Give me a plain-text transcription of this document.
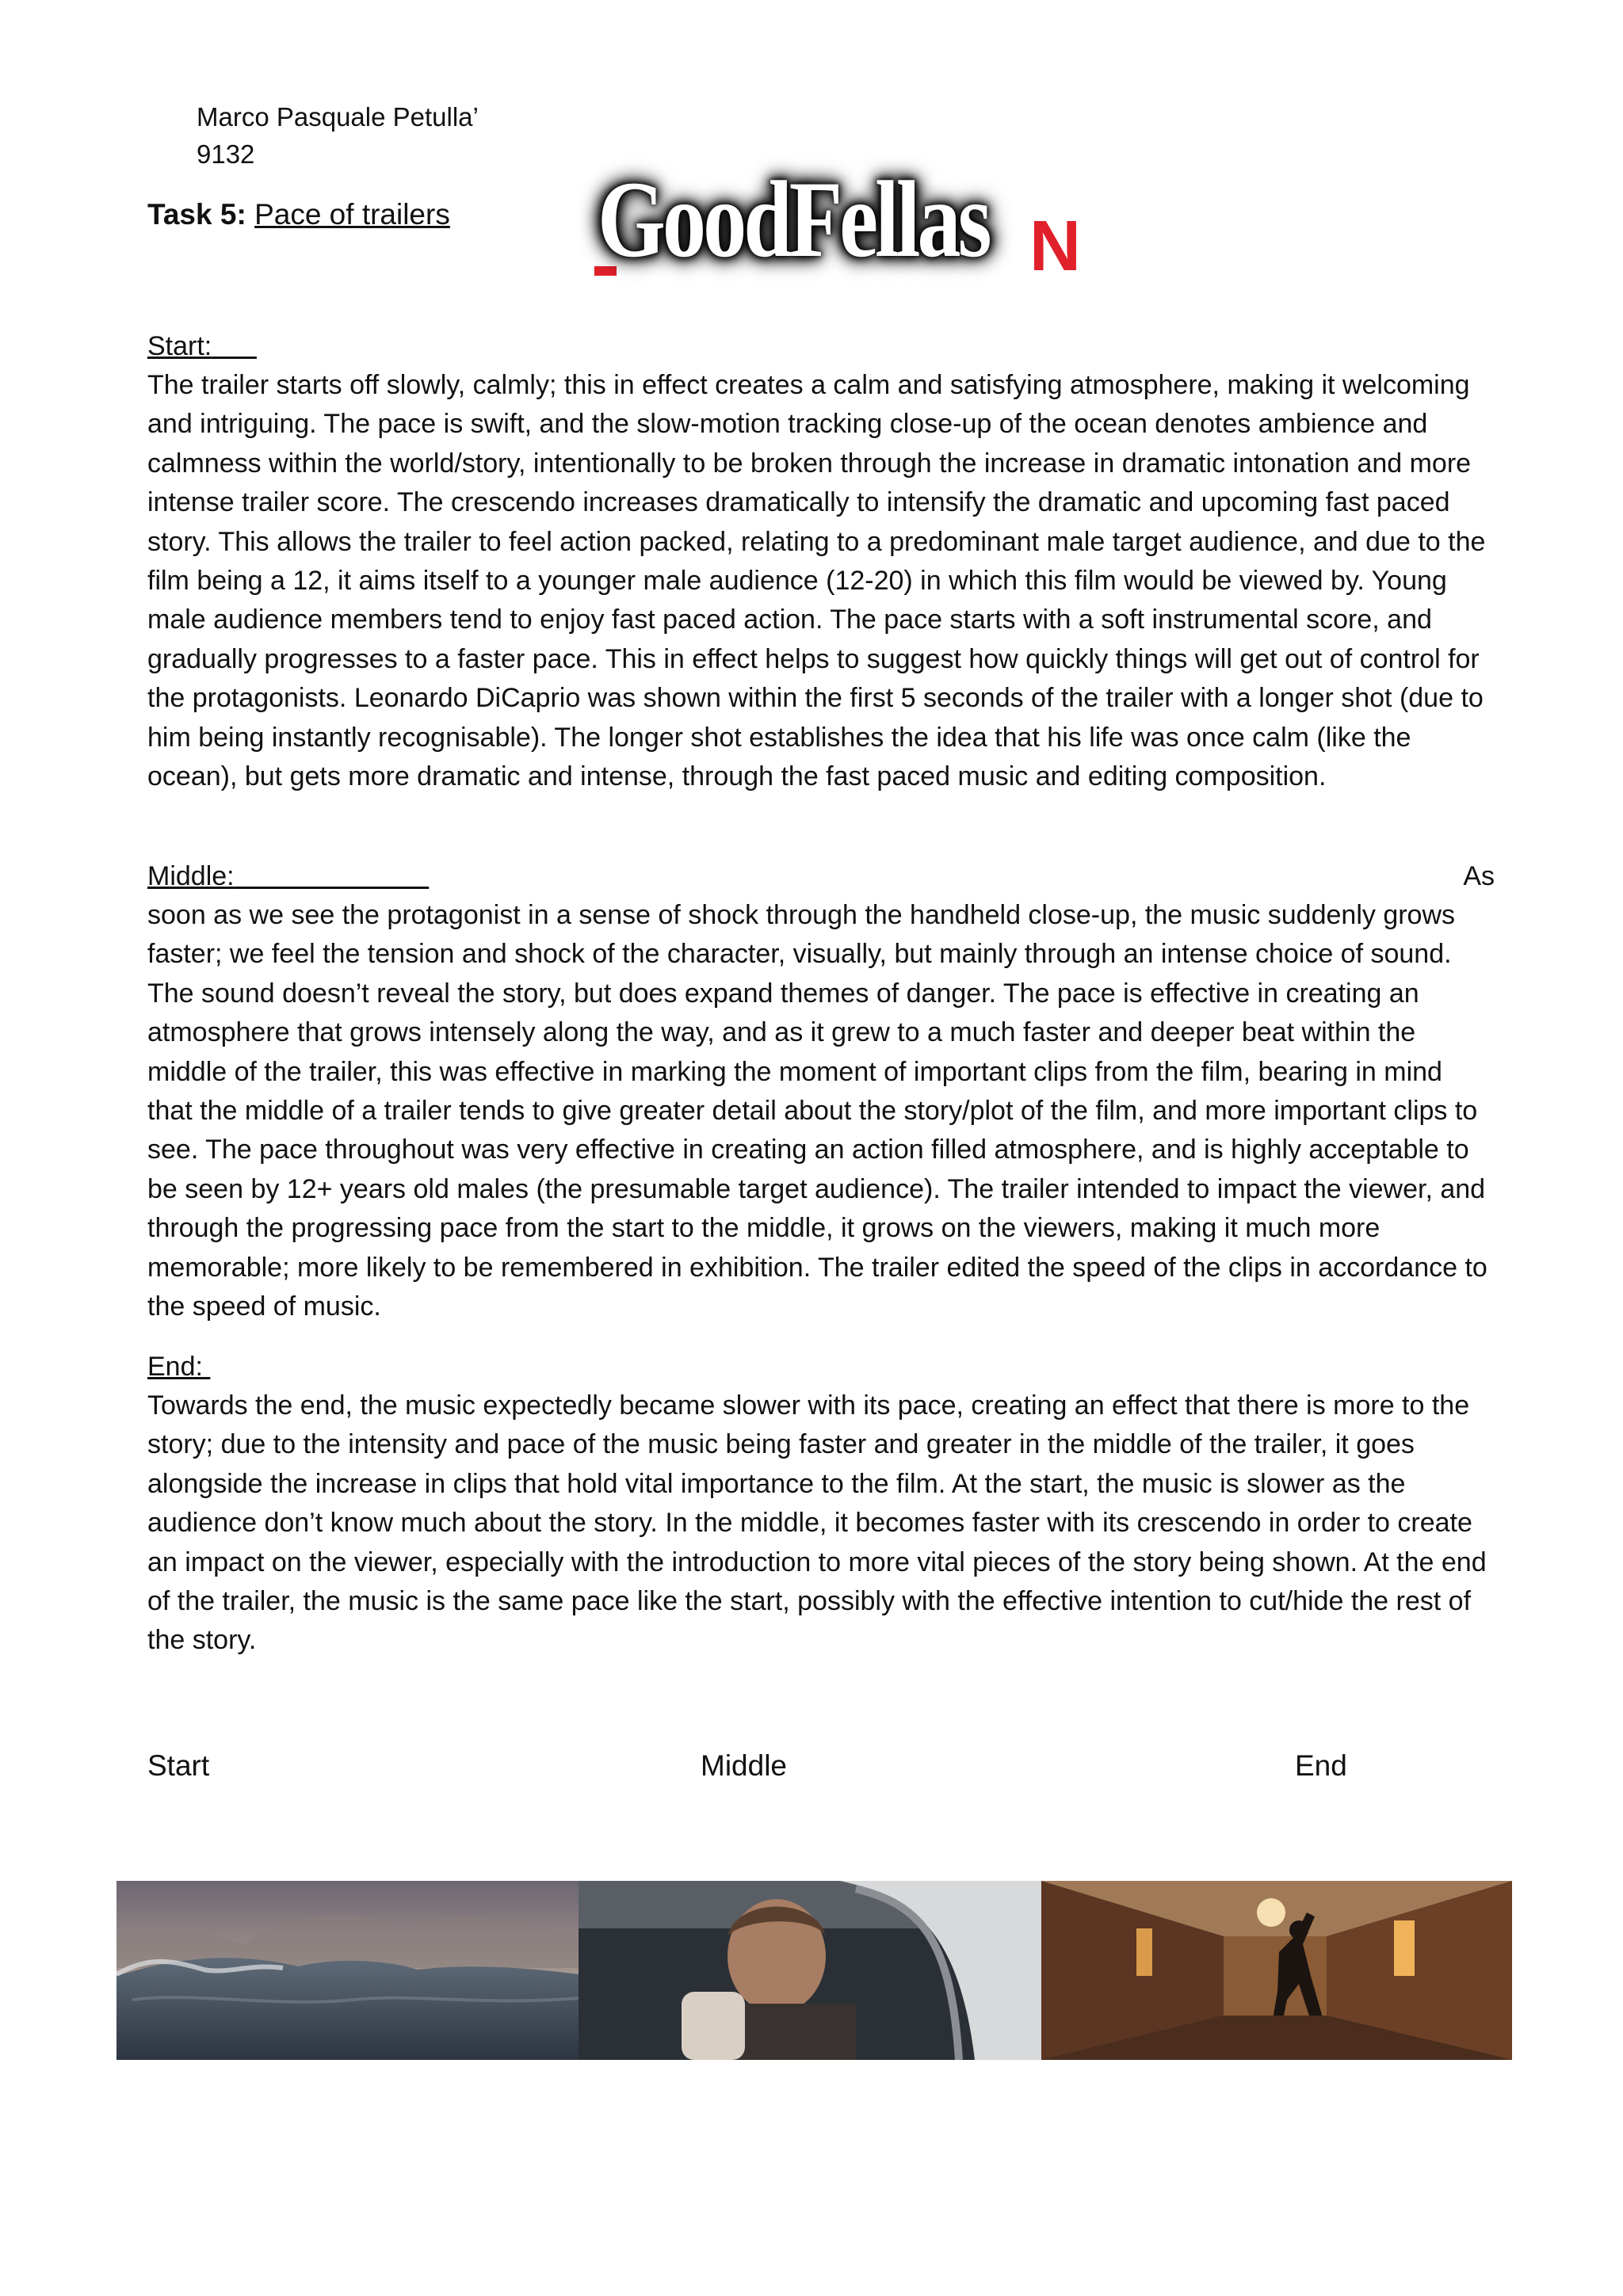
Marco Pasquale Petulla’
9132
Task 5: Pace of trailers GoodFellas N

Start:

The trailer starts off slowly, calmly; this in effect creates a calm and satisfying atmosphere, making it welcoming and intriguing. The pace is swift, and the slow-motion tracking close-up of the ocean denotes ambience and calmness within the world/story, intentionally to be broken through the increase in dramatic intonation and more intense trailer score. The crescendo increases dramatically to intensify the dramatic and upcoming fast paced story. This allows the trailer to feel action packed, relating to a predominant male target audience, and due to the film being a 12, it aims itself to a younger male audience (12-20) in which this film would be viewed by. Young male audience members tend to enjoy fast paced action. The pace starts with a soft instrumental score, and gradually progresses to a faster pace. This in effect helps to suggest how quickly things will get out of control for the protagonists. Leonardo DiCaprio was shown within the first 5 seconds of the trailer with a longer shot (due to him being instantly recognisable). The longer shot establishes the idea that his life was once calm (like the ocean), but gets more dramatic and intense, through the fast paced music and editing composition.

Middle:

soon as we see the protagonist in a sense of shock through the handheld close-up, the music suddenly grows faster; we feel the tension and shock of the character, visually, but mainly through an intense choice of sound. The sound doesn’t reveal the story, but does expand themes of danger. The pace is effective in creating an atmosphere that grows intensely along the way, and as it grew to a much faster and deeper beat within the middle of the trailer, this was effective in marking the moment of important clips from the film, bearing in mind that the middle of a trailer tends to give greater detail about the story/plot of the film, and more important clips to see. The pace throughout was very effective in creating an action filled atmosphere, and is highly acceptable to be seen by 12+ years old males (the presumable target audience). The trailer intended to impact the viewer, and through the progressing pace from the start to the middle, it grows on the viewers, making it much more memorable; more likely to be remembered in exhibition. The trailer edited the speed of the clips in accordance to the speed of music.

As

End:

Towards the end, the music expectedly became slower with its pace, creating an effect that there is more to the story; due to the intensity and pace of the music being faster and greater in the middle of the trailer, it goes alongside the increase in clips that hold vital importance to the film. At the start, the music is slower as the audience don’t know much about the story. In the middle, it becomes faster with its crescendo in order to create an impact on the viewer, especially with the introduction to more vital pieces of the story being shown. At the end of the trailer, the music is the same pace like the start, possibly with the effective intention to cut/hide the rest of the story.

Start	Middle	End
